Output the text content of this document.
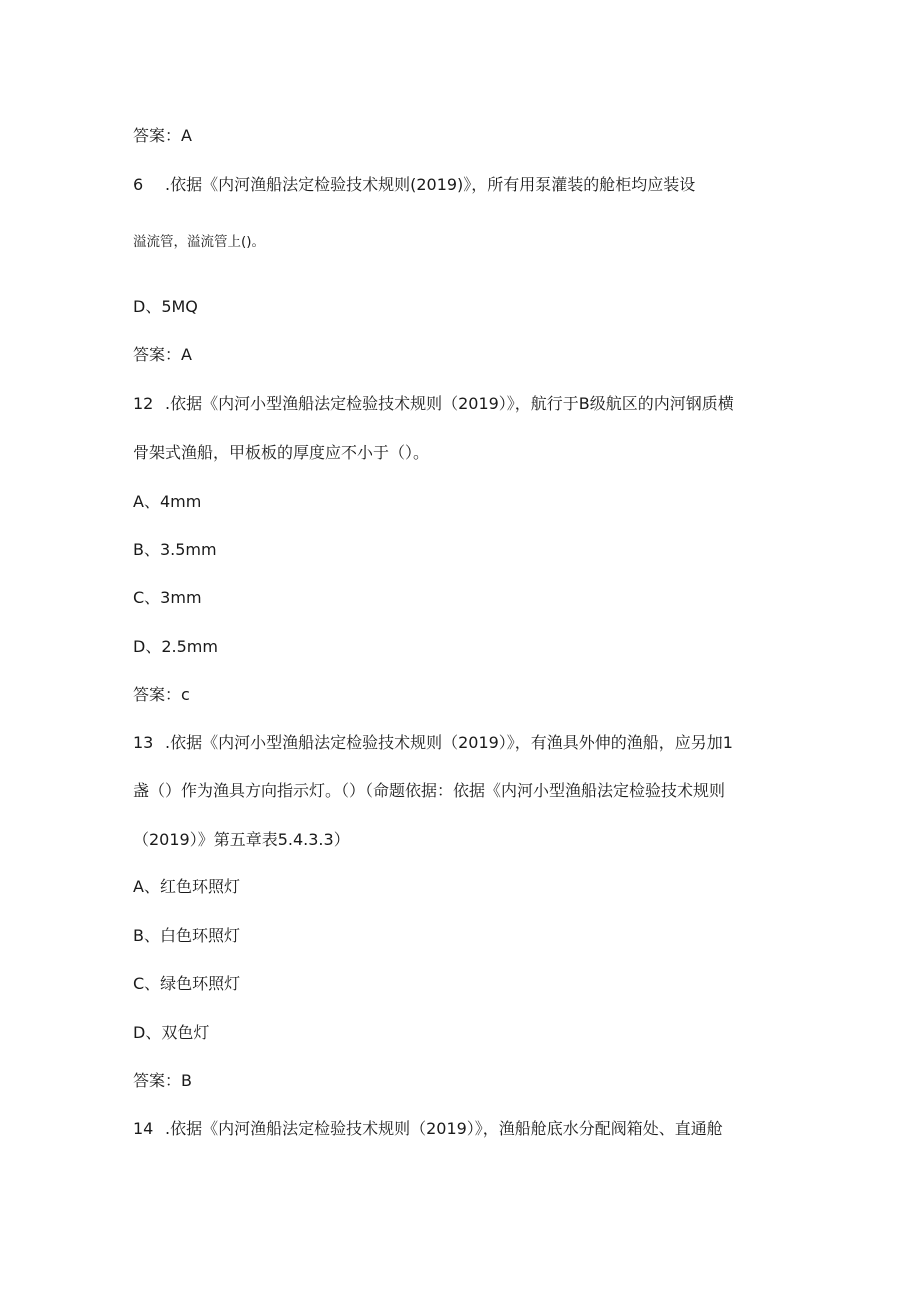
答案：A
6 .依据《内河渔船法定检验技术规则(2019)》，所有用泵灌装的舱柜均应装设
溢流管，溢流管上()。
D、5MQ
答案：A
12 .依据《内河小型渔船法定检验技术规则（2019）》，航行于B级航区的内河钢质横
骨架式渔船，甲板板的厚度应不小于（）。
A、4mm
B、3.5mm
C、3mm
D、2.5mm
答案：c
13 .依据《内河小型渔船法定检验技术规则（2019）》，有渔具外伸的渔船，应另加1
盏（）作为渔具方向指示灯。（）（命题依据：依据《内河小型渔船法定检验技术规则
（2019）》第五章表5.4.3.3）
A、红色环照灯
B、白色环照灯
C、绿色环照灯
D、双色灯
答案：B
14 .依据《内河渔船法定检验技术规则（2019）》，渔船舱底水分配阀箱处、直通舱
